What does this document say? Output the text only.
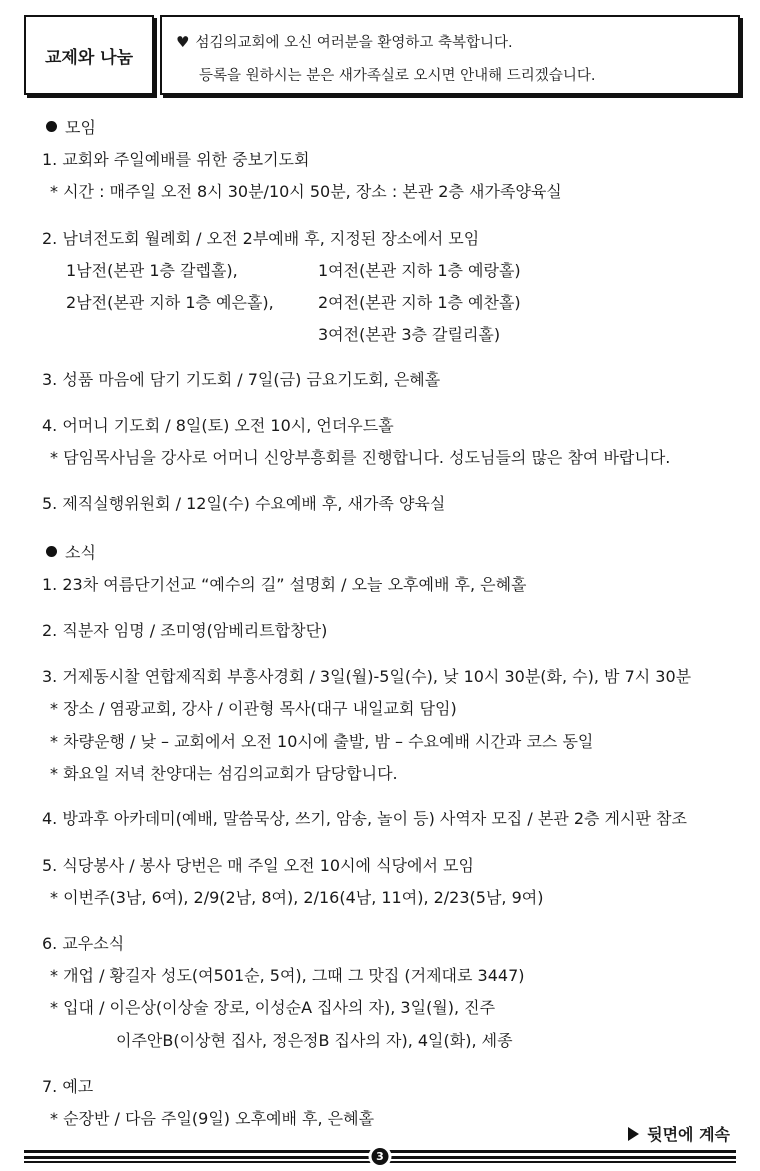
교제와 나눔
♥ 섬김의교회에 오신 여러분을 환영하고 축복합니다.
등록을 원하시는 분은 새가족실로 오시면 안내해 드리겠습니다.
모임
1. 교회와 주일예배를 위한 중보기도회
* 시간 : 매주일 오전 8시 30분/10시 50분, 장소 : 본관 2층 새가족양육실
2. 남녀전도회 월례회 / 오전 2부예배 후, 지정된 장소에서 모임
1남전(본관 1층 갈렙홀),	1여전(본관 지하 1층 예랑홀)
2남전(본관 지하 1층 예은홀),	2여전(본관 지하 1층 예찬홀)
3여전(본관 3층 갈릴리홀)
3. 성품 마음에 담기 기도회 / 7일(금) 금요기도회, 은혜홀
4. 어머니 기도회 / 8일(토) 오전 10시, 언더우드홀
* 담임목사님을 강사로 어머니 신앙부흥회를 진행합니다. 성도님들의 많은 참여 바랍니다.
5. 제직실행위원회 / 12일(수) 수요예배 후, 새가족 양육실
소식
1. 23차 여름단기선교 “예수의 길” 설명회 / 오늘 오후예배 후, 은혜홀
2. 직분자 임명 / 조미영(암베리트합창단)
3. 거제동시찰 연합제직회 부흥사경회 / 3일(월)-5일(수), 낮 10시 30분(화, 수), 밤 7시 30분
* 장소 / 염광교회, 강사 / 이관형 목사(대구 내일교회 담임)
* 차량운행 / 낮 – 교회에서 오전 10시에 출발, 밤 – 수요예배 시간과 코스 동일
* 화요일 저녁 찬양대는 섬김의교회가 담당합니다.
4. 방과후 아카데미(예배, 말씀묵상, 쓰기, 암송, 놀이 등) 사역자 모집 / 본관 2층 게시판 참조
5. 식당봉사 / 봉사 당번은 매 주일 오전 10시에 식당에서 모임
* 이번주(3남, 6여), 2/9(2남, 8여), 2/16(4남, 11여), 2/23(5남, 9여)
6. 교우소식
* 개업 / 황길자 성도(여501순, 5여), 그때 그 맛집 (거제대로 3447)
* 입대 / 이은상(이상술 장로, 이성순A 집사의 자), 3일(월), 진주
이주안B(이상현 집사, 정은정B 집사의 자), 4일(화), 세종
7. 예고
* 순장반 / 다음 주일(9일) 오후예배 후, 은혜홀
뒷면에 계속
3
